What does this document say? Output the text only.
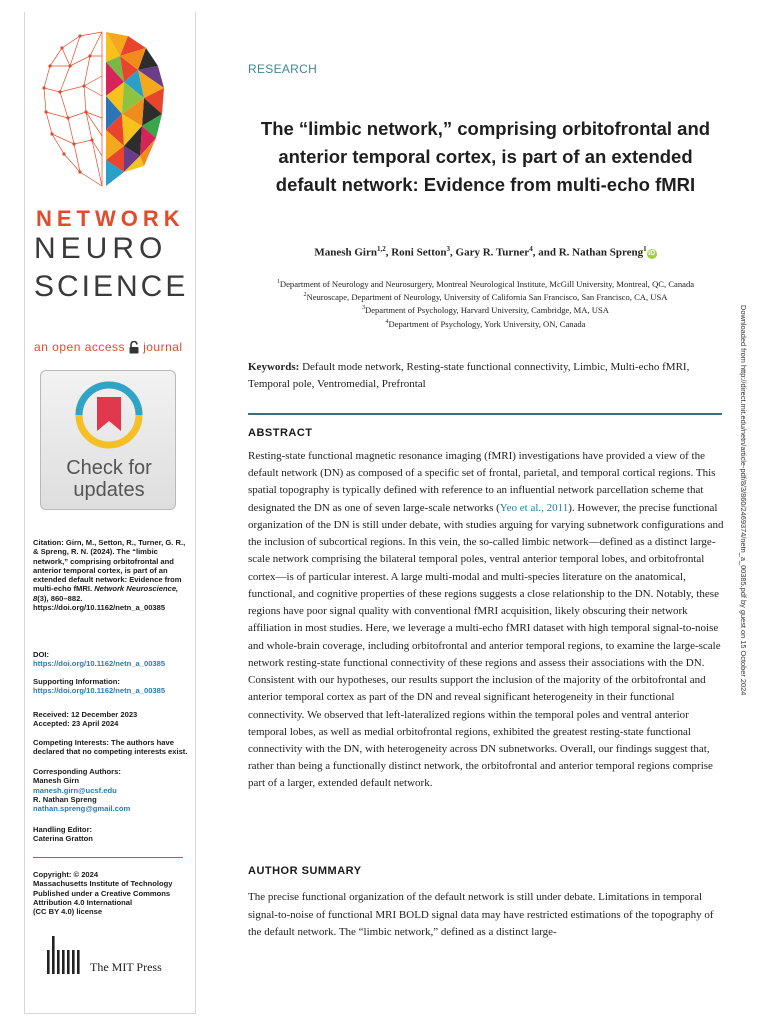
NETWORK
NEURO
SCIENCE
an open access journal
Check for
updates
Citation: Girn, M., Setton, R., Turner, G. R., & Spreng, R. N. (2024). The “limbic network,” comprising orbitofrontal and anterior temporal cortex, is part of an extended default network: Evidence from multi-echo fMRI. Network Neuroscience, 8(3), 860–882. https://doi.org/10.1162/netn_a_00385
DOI:
https://doi.org/10.1162/netn_a_00385
Supporting Information:
https://doi.org/10.1162/netn_a_00385
Received: 12 December 2023
Accepted: 23 April 2024
Competing Interests: The authors have declared that no competing interests exist.
Corresponding Authors:
Manesh Girn
manesh.girn@ucsf.edu
R. Nathan Spreng
nathan.spreng@gmail.com
Handling Editor:
Caterina Gratton
Copyright: © 2024
Massachusetts Institute of Technology
Published under a Creative Commons
Attribution 4.0 International
(CC BY 4.0) license
The MIT Press
RESEARCH
The “limbic network,” comprising orbitofrontal and anterior temporal cortex, is part of an extended default network: Evidence from multi-echo fMRI
Manesh Girn$^{1,2}$, Roni Setton$^3$, Gary R. Turner$^4$, and R. Nathan Spreng$^1$iD
$^1$Department of Neurology and Neurosurgery, Montreal Neurological Institute, McGill University, Montreal, QC, Canada
$^2$Neuroscape, Department of Neurology, University of California San Francisco, San Francisco, CA, USA
$^3$Department of Psychology, Harvard University, Cambridge, MA, USA
$^4$Department of Psychology, York University, ON, Canada
Keywords: Default mode network, Resting-state functional connectivity, Limbic, Multi-echo fMRI, Temporal pole, Ventromedial, Prefrontal
ABSTRACT
Resting-state functional magnetic resonance imaging (fMRI) investigations have provided a view of the default network (DN) as composed of a specific set of frontal, parietal, and temporal cortical regions. This spatial topography is typically defined with reference to an influential network parcellation scheme that designated the DN as one of seven large-scale networks (Yeo et al., 2011). However, the precise functional organization of the DN is still under debate, with studies arguing for varying subnetwork configurations and the inclusion of subcortical regions. In this vein, the so-called limbic network—defined as a distinct large-scale network comprising the bilateral temporal poles, ventral anterior temporal lobes, and orbitofrontal cortex—is of particular interest. A large multi-modal and multi-species literature on the anatomical, functional, and cognitive properties of these regions suggests a close relationship to the DN. Notably, these regions have poor signal quality with conventional fMRI acquisition, likely obscuring their network affiliation in most studies. Here, we leverage a multi-echo fMRI dataset with high temporal signal-to-noise and whole-brain coverage, including orbitofrontal and anterior temporal regions, to examine the large-scale network resting-state functional connectivity of these regions and assess their associations with the DN. Consistent with our hypotheses, our results support the inclusion of the majority of the orbitofrontal and anterior temporal cortex as part of the DN and reveal significant heterogeneity in their functional connectivity. We observed that left-lateralized regions within the temporal poles and ventral anterior temporal lobes, as well as medial orbitofrontal regions, exhibited the greatest resting-state functional connectivity with the DN, with heterogeneity across DN subnetworks. Overall, our findings suggest that, rather than being a functionally distinct network, the orbitofrontal and anterior temporal regions comprise part of a larger, extended default network.
AUTHOR SUMMARY
The precise functional organization of the default network is still under debate. Limitations in temporal signal-to-noise of functional MRI BOLD signal data may have restricted estimations of the topography of the default network. The “limbic network,” defined as a distinct large-
Downloaded from http://direct.mit.edu/netn/article-pdf/8/3/860/2469374/netn_a_00385.pdf by guest on 15 October 2024
